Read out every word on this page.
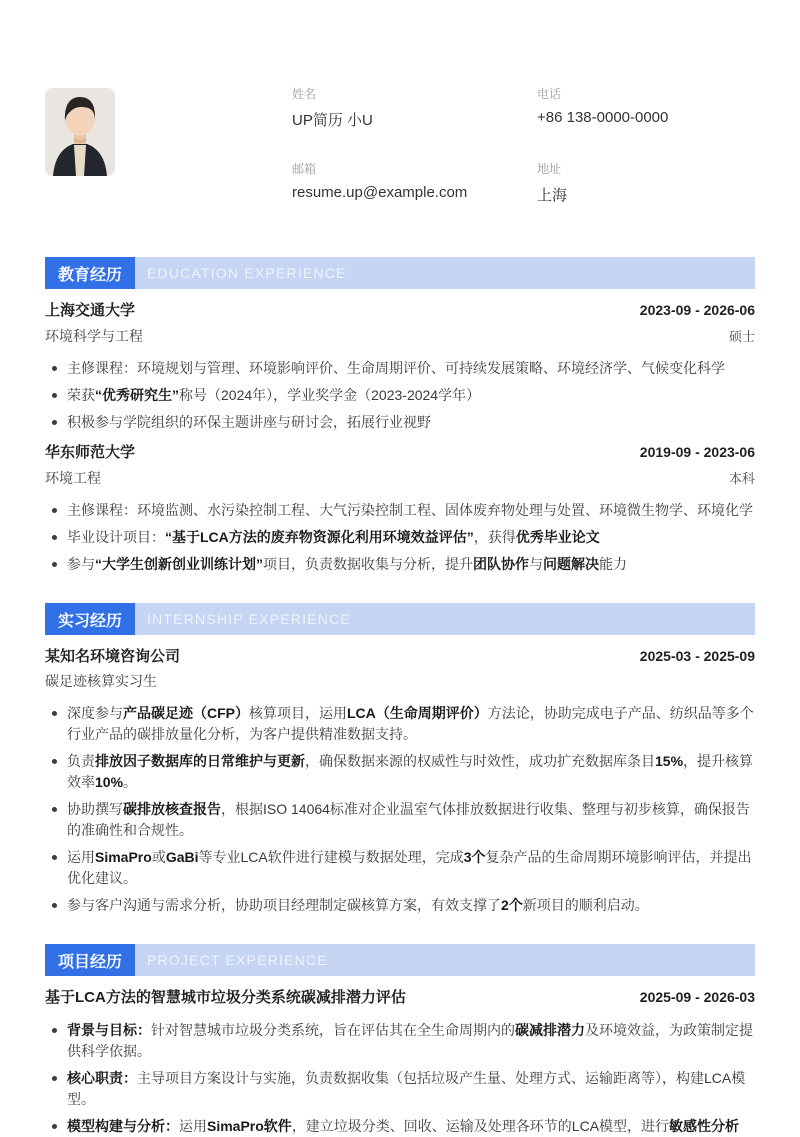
姓名
UP简历 小U
电话
+86 138-0000-0000
邮箱
resume.up@example.com
地址
上海
教育经历	EDUCATION EXPERIENCE
上海交通大学	2023-09 - 2026-06
环境科学与工程	硕士
主修课程：环境规划与管理、环境影响评价、生命周期评价、可持续发展策略、环境经济学、气候变化科学
荣获“优秀研究生”称号（2024年），学业奖学金（2023-2024学年）
积极参与学院组织的环保主题讲座与研讨会，拓展行业视野
华东师范大学	2019-09 - 2023-06
环境工程	本科
主修课程：环境监测、水污染控制工程、大气污染控制工程、固体废弃物处理与处置、环境微生物学、环境化学
毕业设计项目：“基于LCA方法的废弃物资源化利用环境效益评估”，获得优秀毕业论文
参与“大学生创新创业训练计划”项目，负责数据收集与分析，提升团队协作与问题解决能力
实习经历	INTERNSHIP EXPERIENCE
某知名环境咨询公司	2025-03 - 2025-09
碳足迹核算实习生
深度参与产品碳足迹（CFP）核算项目，运用LCA（生命周期评价）方法论，协助完成电子产品、纺织品等多个行业产品的碳排放量化分析，为客户提供精准数据支持。
负责排放因子数据库的日常维护与更新，确保数据来源的权威性与时效性，成功扩充数据库条目15%，提升核算效率10%。
协助撰写碳排放核查报告，根据ISO 14064标准对企业温室气体排放数据进行收集、整理与初步核算，确保报告的准确性和合规性。
运用SimaPro或GaBi等专业LCA软件进行建模与数据处理，完成3个复杂产品的生命周期环境影响评估，并提出优化建议。
参与客户沟通与需求分析，协助项目经理制定碳核算方案，有效支撑了2个新项目的顺利启动。
项目经历	PROJECT EXPERIENCE
基于LCA方法的智慧城市垃圾分类系统碳减排潜力评估	2025-09 - 2026-03
背景与目标：针对智慧城市垃圾分类系统，旨在评估其在全生命周期内的碳减排潜力及环境效益，为政策制定提供科学依据。
核心职责：主导项目方案设计与实施，负责数据收集（包括垃圾产生量、处理方式、运输距离等），构建LCA模型。
模型构建与分析：运用SimaPro软件，建立垃圾分类、回收、运输及处理各环节的LCA模型，进行敏感性分析
